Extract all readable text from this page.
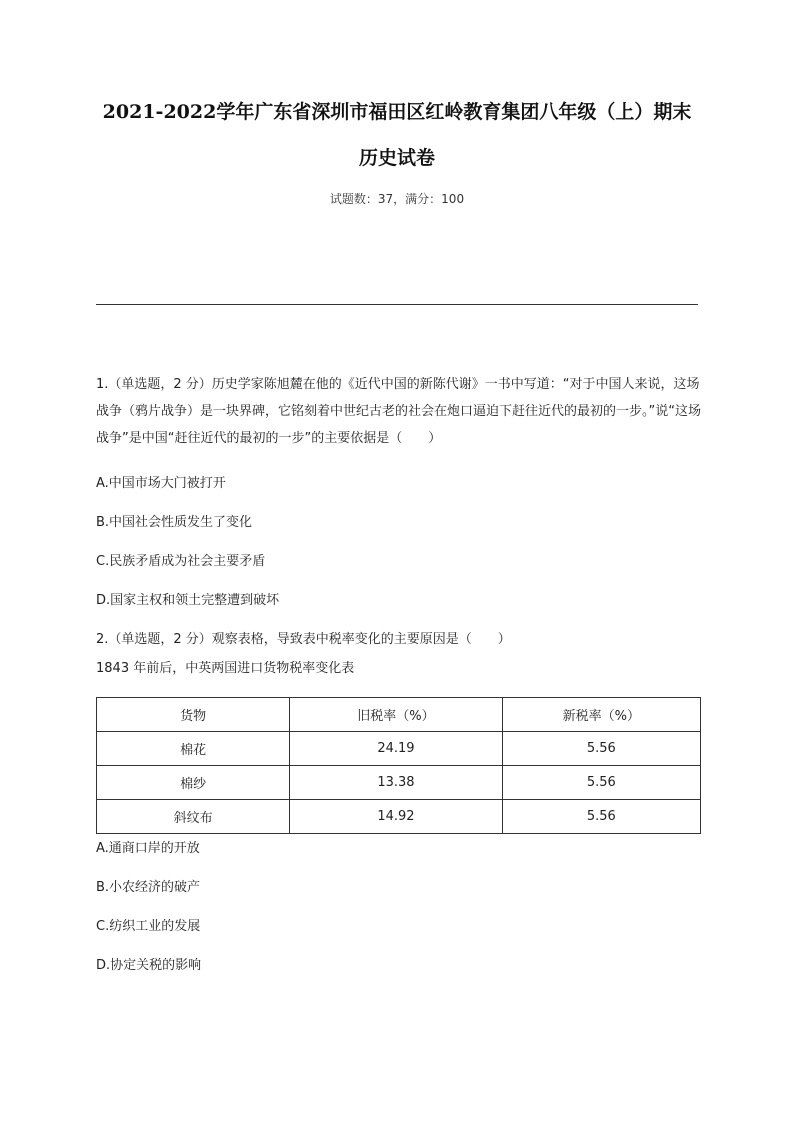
2021-2022学年广东省深圳市福田区红岭教育集团八年级（上）期末
历史试卷
试题数：37，满分：100
1.（单选题，2 分）历史学家陈旭麓在他的《近代中国的新陈代谢》一书中写道：“对于中国人来说，这场战争（鸦片战争）是一块界碑，它铭刻着中世纪古老的社会在炮口逼迫下赶往近代的最初的一步。”说“这场战争”是中国“赶往近代的最初的一步”的主要依据是（　　）
A.中国市场大门被打开
B.中国社会性质发生了变化
C.民族矛盾成为社会主要矛盾
D.国家主权和领土完整遭到破坏
2.（单选题，2 分）观察表格，导致表中税率变化的主要原因是（　　）
1843 年前后，中英两国进口货物税率变化表
货物	旧税率（%）	新税率（%）
棉花	24.19	5.56
棉纱	13.38	5.56
斜纹布	14.92	5.56
A.通商口岸的开放
B.小农经济的破产
C.纺织工业的发展
D.协定关税的影响
